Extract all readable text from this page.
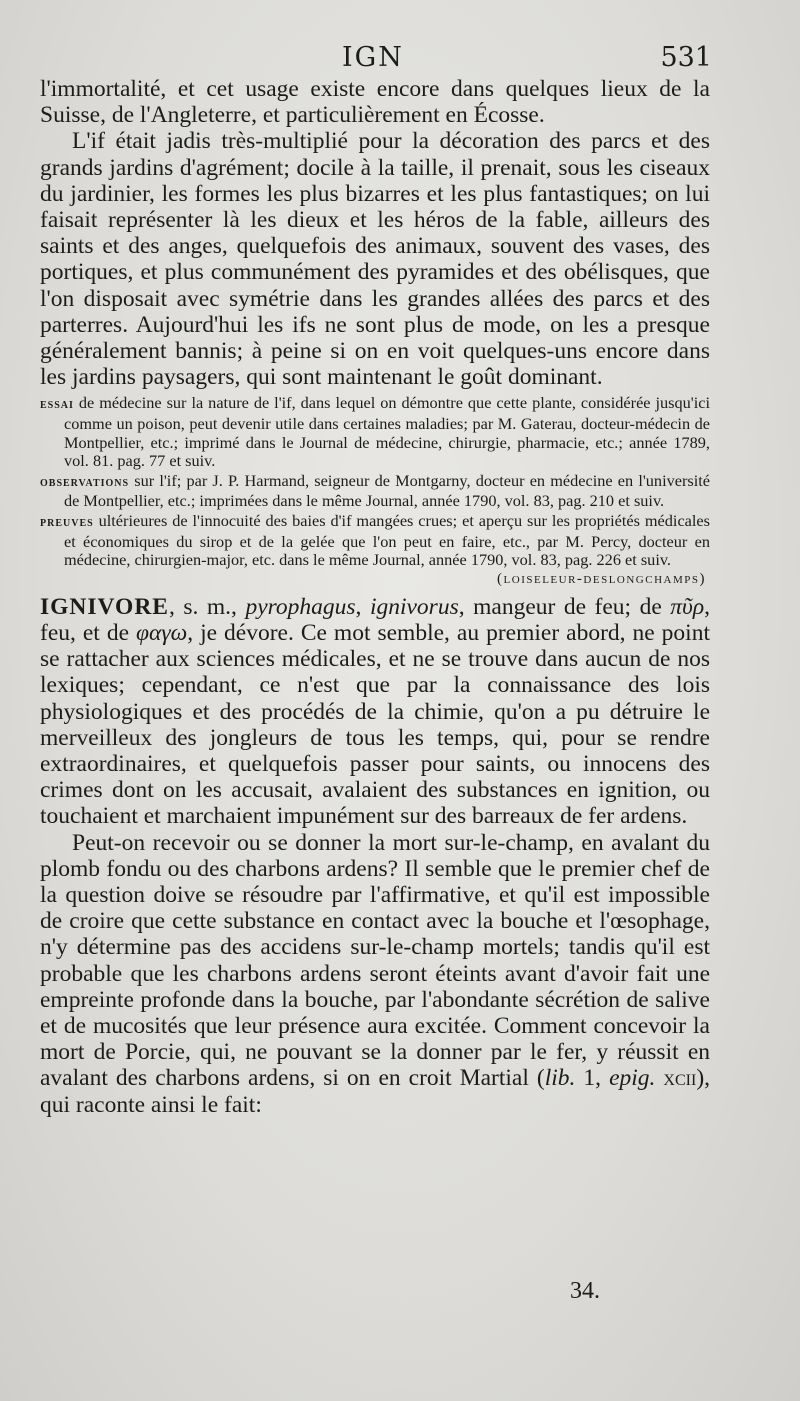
IGN	531

l'immortalité, et cet usage existe encore dans quelques lieux de la Suisse, de l'Angleterre, et particulièrement en Écosse.

L'if était jadis très-multiplié pour la décoration des parcs et des grands jardins d'agrément; docile à la taille, il prenait, sous les ciseaux du jardinier, les formes les plus bizarres et les plus fantastiques; on lui faisait représenter là les dieux et les héros de la fable, ailleurs des saints et des anges, quelquefois des animaux, souvent des vases, des portiques, et plus communément des pyramides et des obélisques, que l'on disposait avec symétrie dans les grandes allées des parcs et des parterres. Aujourd'hui les ifs ne sont plus de mode, on les a presque généralement bannis; à peine si on en voit quelques-uns encore dans les jardins paysagers, qui sont maintenant le goût dominant.

essai de médecine sur la nature de l'if, dans lequel on démontre que cette plante, considérée jusqu'ici comme un poison, peut devenir utile dans certaines maladies; par M. Gaterau, docteur-médecin de Montpellier, etc.; imprimé dans le Journal de médecine, chirurgie, pharmacie, etc.; année 1789, vol. 81. pag. 77 et suiv.

observations sur l'if; par J. P. Harmand, seigneur de Montgarny, docteur en médecine en l'université de Montpellier, etc.; imprimées dans le même Journal, année 1790, vol. 83, pag. 210 et suiv.

preuves ultérieures de l'innocuité des baies d'if mangées crues; et aperçu sur les propriétés médicales et économiques du sirop et de la gelée que l'on peut en faire, etc., par M. Percy, docteur en médecine, chirurgien-major, etc. dans le même Journal, année 1790, vol. 83, pag. 226 et suiv.

(loiseleur-deslongchamps)

IGNIVORE, s. m., pyrophagus, ignivorus, mangeur de feu; de πῦρ, feu, et de φαγω, je dévore. Ce mot semble, au premier abord, ne point se rattacher aux sciences médicales, et ne se trouve dans aucun de nos lexiques; cependant, ce n'est que par la connaissance des lois physiologiques et des procédés de la chimie, qu'on a pu détruire le merveilleux des jongleurs de tous les temps, qui, pour se rendre extraordinaires, et quelquefois passer pour saints, ou innocens des crimes dont on les accusait, avalaient des substances en ignition, ou touchaient et marchaient impunément sur des barreaux de fer ardens.

Peut-on recevoir ou se donner la mort sur-le-champ, en avalant du plomb fondu ou des charbons ardens? Il semble que le premier chef de la question doive se résoudre par l'affirmative, et qu'il est impossible de croire que cette substance en contact avec la bouche et l'œsophage, n'y détermine pas des accidens sur-le-champ mortels; tandis qu'il est probable que les charbons ardens seront éteints avant d'avoir fait une empreinte profonde dans la bouche, par l'abondante sécrétion de salive et de mucosités que leur présence aura excitée. Comment concevoir la mort de Porcie, qui, ne pouvant se la donner par le fer, y réussit en avalant des charbons ardens, si on en croit Martial (lib. 1, epig. xcii), qui raconte ainsi le fait:

34.
